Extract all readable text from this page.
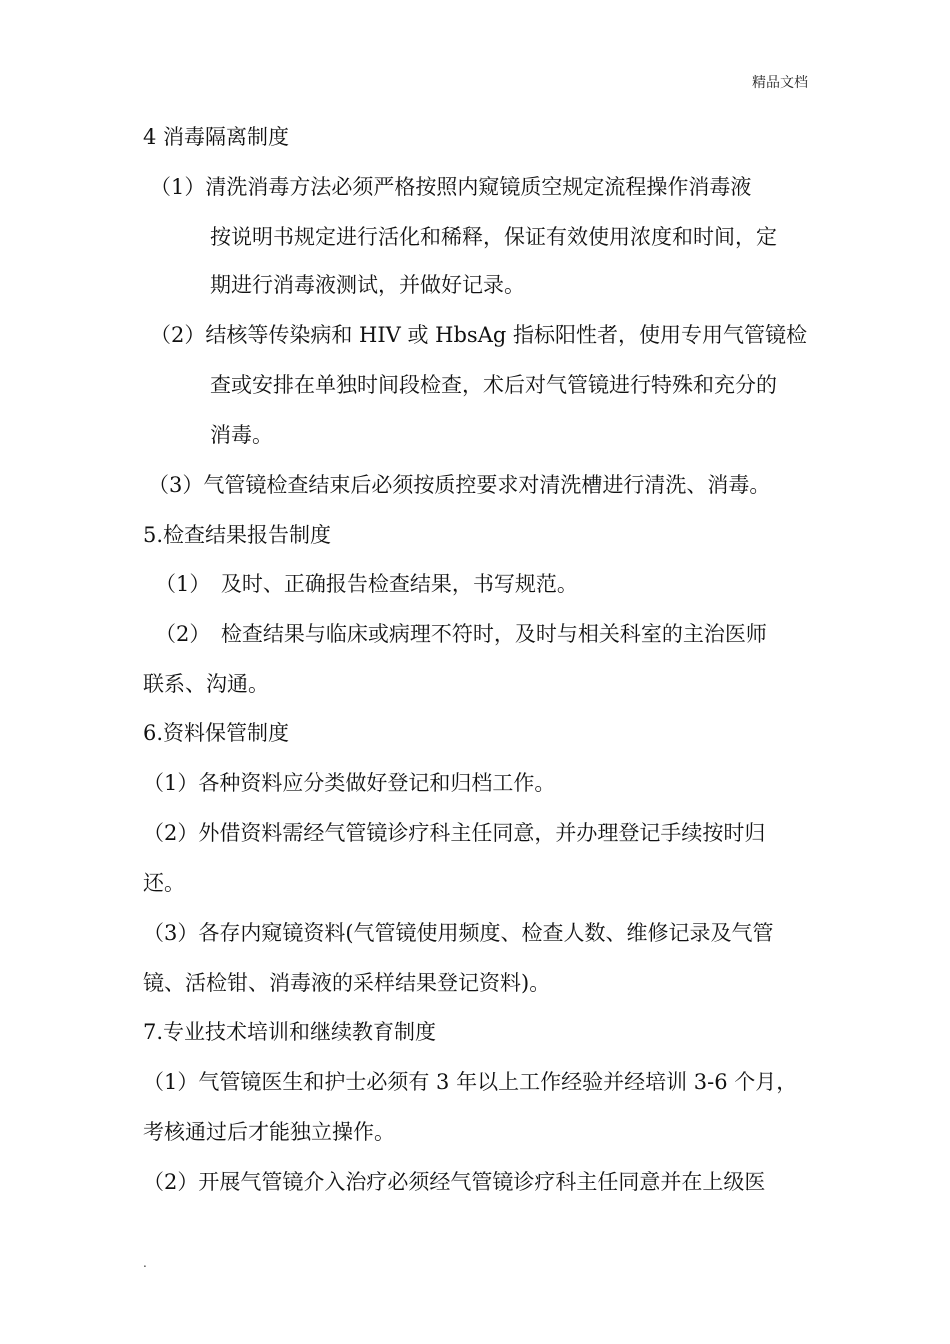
精品文档
4 消毒隔离制度
（1）清洗消毒方法必须严格按照内窥镜质空规定流程操作消毒液
按说明书规定进行活化和稀释，保证有效使用浓度和时间，定
期进行消毒液测试，并做好记录。
（2）结核等传染病和 HIV 或 HbsAg 指标阳性者，使用专用气管镜检
查或安排在单独时间段检查，术后对气管镜进行特殊和充分的
消毒。
（3）气管镜检查结束后必须按质控要求对清洗槽进行清洗、消毒。
5.检查结果报告制度
（1）　及时、正确报告检查结果，书写规范。
（2）　检查结果与临床或病理不符时，及时与相关科室的主治医师
联系、沟通。
6.资料保管制度
（1）各种资料应分类做好登记和归档工作。
（2）外借资料需经气管镜诊疗科主任同意，并办理登记手续按时归
还。
（3）各存内窥镜资料(气管镜使用频度、检查人数、维修记录及气管
镜、活检钳、消毒液的采样结果登记资料)。
7.专业技术培训和继续教育制度
（1）气管镜医生和护士必须有 3 年以上工作经验并经培训 3-6 个月，
考核通过后才能独立操作。
（2）开展气管镜介入治疗必须经气管镜诊疗科主任同意并在上级医
.
